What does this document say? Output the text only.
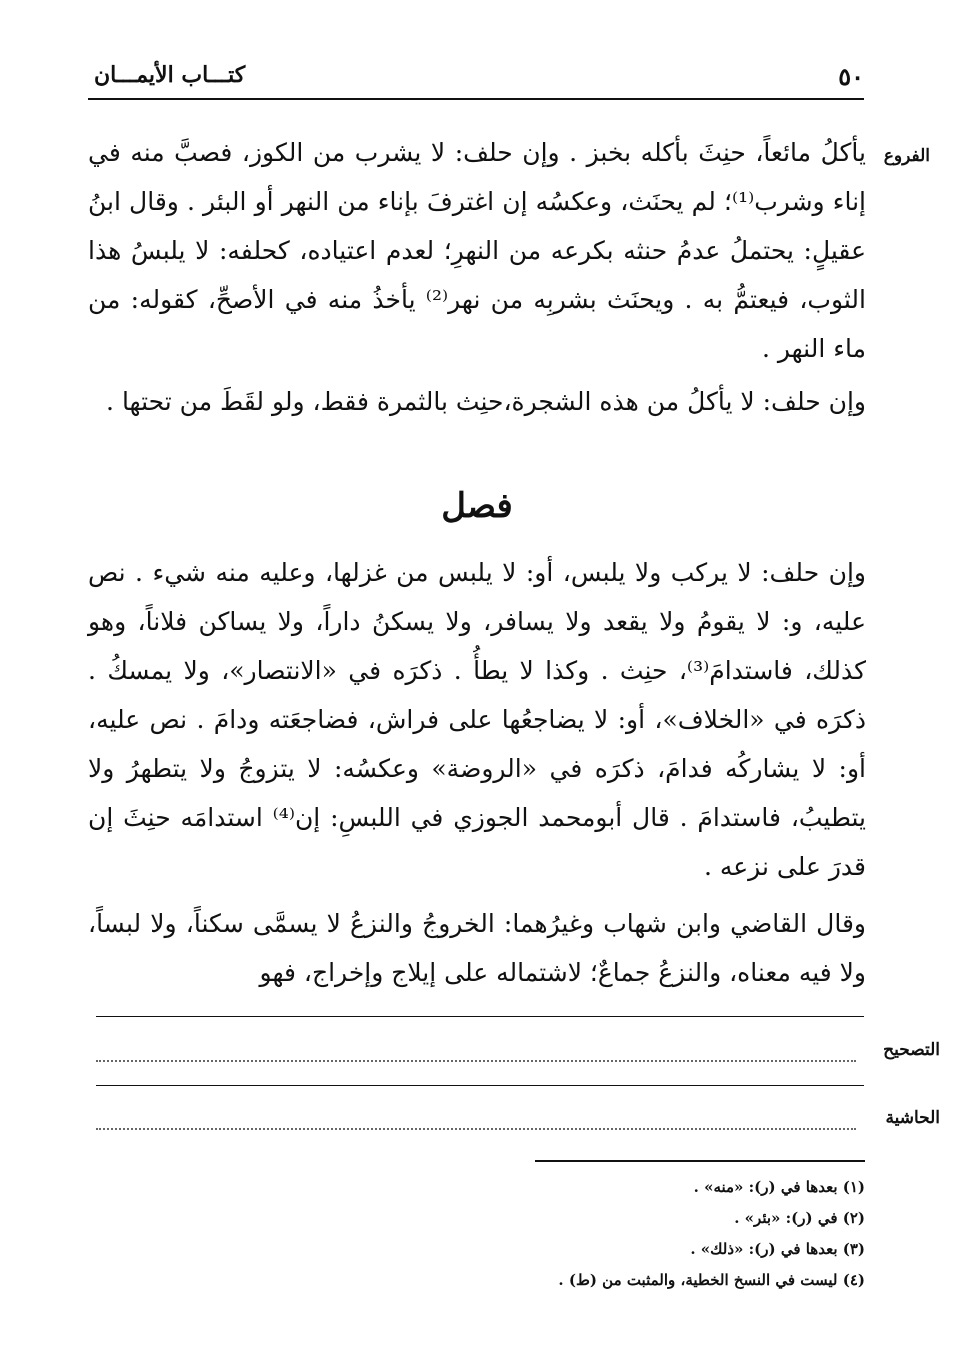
٥٠
كتـــاب الأيمـــان
الفروع

يأكلُ مائعاً، حنِثَ بأكله بخبز . وإن حلف: لا يشرب من الكوز، فصبَّ منه في إناء وشرب⁽¹⁾؛ لم يحنَث، وعكسُه إن اغترفَ بإناء من النهر أو البئر . وقال ابنُ عقيلٍ: يحتملُ عدمُ حنثه بكرعه من النهرِ؛ لعدم اعتياده، كحلفه: لا يلبسُ هذا الثوب، فيعتمُّ به . ويحنَث بشربِه من نهر⁽²⁾ يأخذُ منه في الأصحِّ، كقوله: من ماء النهر .

وإن حلف: لا يأكلُ من هذه الشجرة،حنِث بالثمرة فقط، ولو لقَطَ من تحتها .

فصل

وإن حلف: لا يركب ولا يلبس، أو: لا يلبس من غزلها، وعليه منه شيء . نص عليه، و: لا يقومُ ولا يقعد ولا يسافر، ولا يسكنُ داراً، ولا يساكن فلاناً، وهو كذلك، فاستدامَ⁽³⁾، حنِث . وكذا لا يطأُ . ذكرَه في «الانتصار»، ولا يمسكُ . ذكرَه في «الخلاف»، أو: لا يضاجعُها على فراش، فضاجعَته ودامَ . نص عليه، أو: لا يشاركُه فدامَ، ذكرَه في «الروضة» وعكسُه: لا يتزوجُ ولا يتطهرُ ولا يتطيبُ، فاستدامَ . قال أبومحمد الجوزي في اللبسِ: إن⁽⁴⁾ استدامَه حنِثَ إن قدرَ على نزعه .

وقال القاضي وابن شهاب وغيرُهما: الخروجُ والنزعُ لا يسمَّى سكناً، ولا لبساً، ولا فيه معناه، والنزعُ جماعٌ؛ لاشتماله على إيلاج وإخراج، فهو

التصحيح
الحاشية

(١) بعدها في (ر): «منه» .

(٢) في (ر): «بئر» .

(٣) بعدها في (ر): «ذلك» .

(٤) ليست في النسخ الخطية، والمثبت من (ط) .
